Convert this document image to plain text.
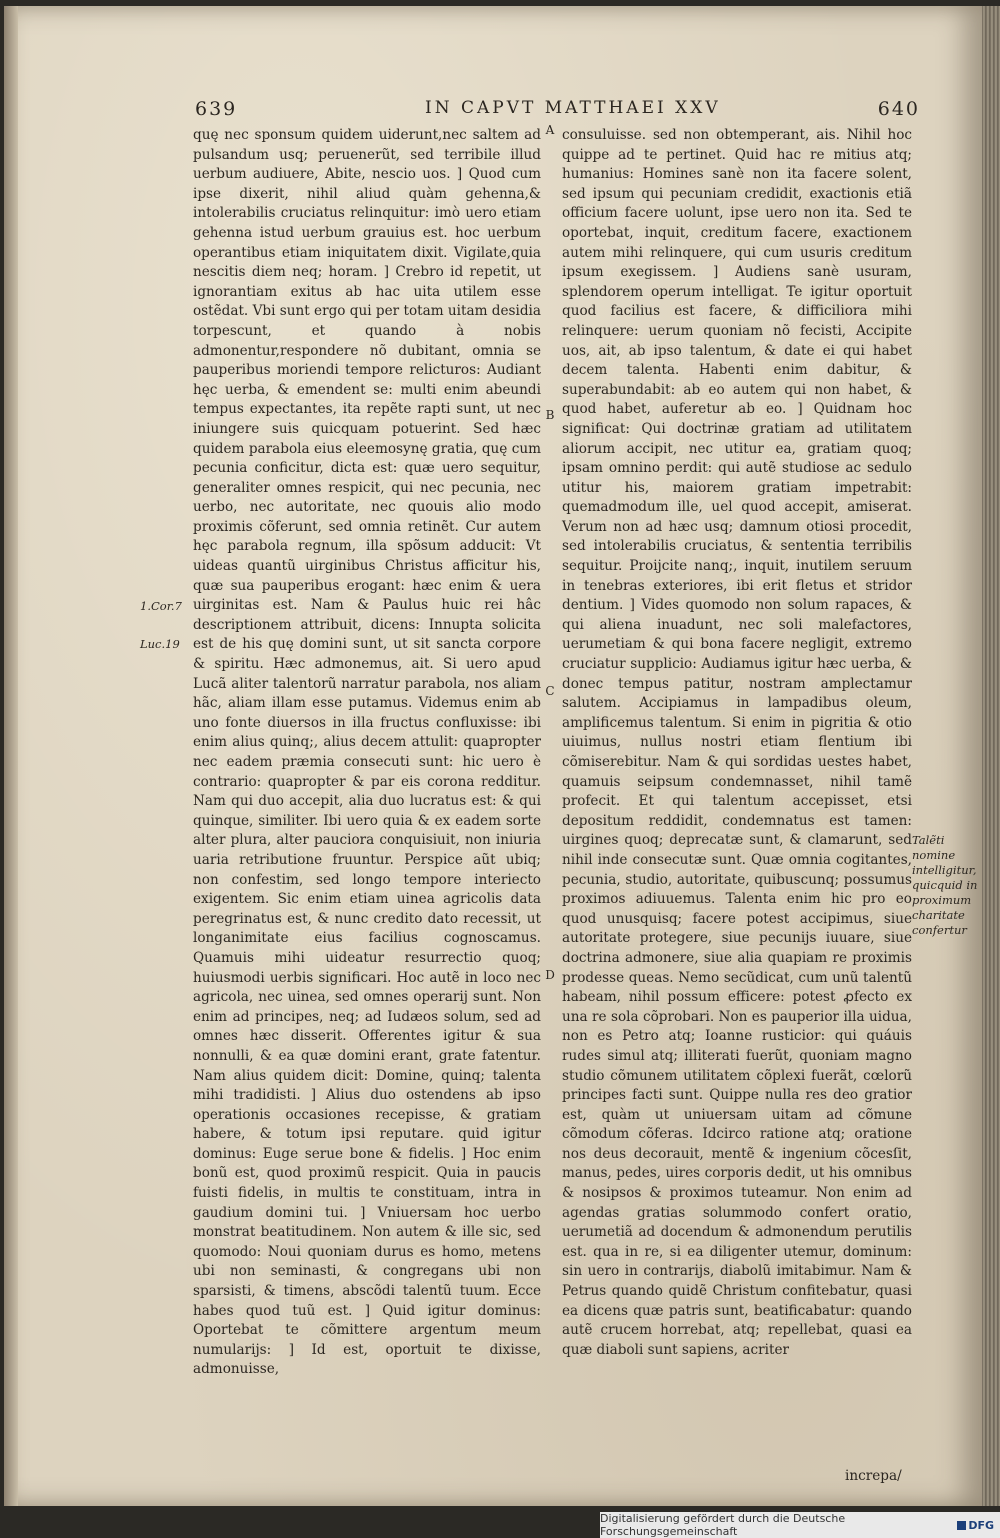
639	IN CAPVT MATTHAEI XXV	640

quę nec sponsum quidem uiderunt,nec saltem ad pulsandum usq; peruenerũt, sed terribile illud uerbum audiuere, Abite, nescio uos. ] Quod cum ipse dixerit, nihil aliud quàm gehenna,& intolerabilis cruciatus relinquitur: imò uero etiam gehenna istud uerbum grauius est. hoc uerbum operantibus etiam iniquitatem dixit. Vigilate,quia nescitis diem neq; horam. ] Crebro id repetit, ut ignorantiam exitus ab hac uita utilem esse ostẽdat. Vbi sunt ergo qui per totam uitam desidia torpescunt, et quando à nobis admonentur,respondere nõ dubitant, omnia se pauperibus moriendi tempore relicturos: Audiant hęc uerba, & emendent se: multi enim abeundi tempus expectantes, ita repẽte rapti sunt, ut nec iniungere suis quicquam potuerint. Sed hæc quidem parabola eius eleemosynę gratia, quę cum pecunia conficitur, dicta est: quæ uero sequitur, generaliter omnes respicit, qui nec pecunia, nec uerbo, nec autoritate, nec quouis alio modo proximis cõferunt, sed omnia retinẽt. Cur autem hęc parabola regnum, illa spõsum adducit: Vt uideas quantũ uirginibus Christus afficitur his, quæ sua pauperibus erogant: hæc enim & uera uirginitas est. Nam & Paulus huic rei hâc descriptionem attribuit, dicens: Innupta solicita est de his quę domini sunt, ut sit sancta corpore & spiritu. Hæc admonemus, ait. Si uero apud Lucã aliter talentorũ narratur parabola, nos aliam hãc, aliam illam esse putamus. Videmus enim ab uno fonte diuersos in illa fructus confluxisse: ibi enim alius quinq;, alius decem attulit: quapropter nec eadem præmia consecuti sunt: hic uero è contrario: quapropter & par eis corona redditur. Nam qui duo accepit, alia duo lucratus est: & qui quinque, similiter. Ibi uero quia & ex eadem sorte alter plura, alter pauciora conquisiuit, non iniuria uaria retributione fruuntur. Perspice aũt ubiq; non confestim, sed longo tempore interiecto exigentem. Sic enim etiam uinea agricolis data peregrinatus est, & nunc credito dato recessit, ut longanimitate eius facilius cognoscamus. Quamuis mihi uideatur resurrectio quoq; huiusmodi uerbis significari. Hoc autẽ in loco nec agricola, nec uinea, sed omnes operarij sunt. Non enim ad principes, neq; ad Iudæos solum, sed ad omnes hæc disserit. Offerentes igitur & sua nonnulli, & ea quæ domini erant, grate fatentur. Nam alius quidem dicit: Domine, quinq; talenta mihi tradidisti. ] Alius duo ostendens ab ipso operationis occasiones recepisse, & gratiam habere, & totum ipsi reputare. quid igitur dominus: Euge serue bone & fidelis. ] Hoc enim bonũ est, quod proximũ respicit. Quia in paucis fuisti fidelis, in multis te constituam, intra in gaudium domini tui. ] Vniuersam hoc uerbo monstrat beatitudinem. Non autem & ille sic, sed quomodo: Noui quoniam durus es homo, metens ubi non seminasti, & congregans ubi non sparsisti, & timens, abscõdi talentũ tuum. Ecce habes quod tuũ est. ] Quid igitur dominus: Oportebat te cõmittere argentum meum numularijs: ] Id est, oportuit te dixisse, admonuisse,

consuluisse. sed non obtemperant, ais. Nihil hoc quippe ad te pertinet. Quid hac re mitius atq; humanius: Homines sanè non ita facere solent, sed ipsum qui pecuniam credidit, exactionis etiã officium facere uolunt, ipse uero non ita. Sed te oportebat, inquit, creditum facere, exactionem autem mihi relinquere, qui cum usuris creditum ipsum exegissem. ] Audiens sanè usuram, splendorem operum intelligat. Te igitur oportuit quod facilius est facere, & difficiliora mihi relinquere: uerum quoniam nõ fecisti, Accipite uos, ait, ab ipso talentum, & date ei qui habet decem talenta. Habenti enim dabitur, & superabundabit: ab eo autem qui non habet, & quod habet, auferetur ab eo. ] Quidnam hoc significat: Qui doctrinæ gratiam ad utilitatem aliorum accipit, nec utitur ea, gratiam quoq; ipsam omnino perdit: qui autẽ studiose ac sedulo utitur his, maiorem gratiam impetrabit: quemadmodum ille, uel quod accepit, amiserat. Verum non ad hæc usq; damnum otiosi procedit, sed intolerabilis cruciatus, & sententia terribilis sequitur. Proijcite nanq;, inquit, inutilem seruum in tenebras exteriores, ibi erit fletus et stridor dentium. ] Vides quomodo non solum rapaces, & qui aliena inuadunt, nec soli malefactores, uerumetiam & qui bona facere negligit, extremo cruciatur supplicio: Audiamus igitur hæc uerba, & donec tempus patitur, nostram amplectamur salutem. Accipiamus in lampadibus oleum, amplificemus talentum. Si enim in pigritia & otio uiuimus, nullus nostri etiam flentium ibi cõmiserebitur. Nam & qui sordidas uestes habet, quamuis seipsum condemnasset, nihil tamẽ profecit. Et qui talentum accepisset, etsi depositum reddidit, condemnatus est tamen: uirgines quoq; deprecatæ sunt, & clamarunt, sed nihil inde consecutæ sunt. Quæ omnia cogitantes, pecunia, studio, autoritate, quibuscunq; possumus proximos adiuuemus. Talenta enim hic pro eo quod unusquisq; facere potest accipimus, siue autoritate protegere, siue pecunijs iuuare, siue doctrina admonere, siue alia quapiam re proximis prodesse queas. Nemo secũdicat, cum unũ talentũ habeam, nihil possum efficere: potest ꝓfecto ex una re sola cõprobari. Non es pauperior illa uidua, non es Petro atq; Ioanne rusticior: qui quáuis rudes simul atq; illiterati fuerũt, quoniam magno studio cõmunem utilitatem cõplexi fuerãt, cœlorũ principes facti sunt. Quippe nulla res deo gratior est, quàm ut uniuersam uitam ad cõmune cõmodum cõferas. Idcirco ratione atq; oratione nos deus decorauit, mentẽ & ingenium cõcesſit, manus, pedes, uires corporis dedit, ut his omnibus & nosipsos & proximos tuteamur. Non enim ad agendas gratias solummodo confert oratio, uerumetiã ad docendum & admonendum perutilis est. qua in re, si ea diligenter utemur, dominum: sin uero in contrarijs, diabolũ imitabimur. Nam & Petrus quando quidẽ Christum confitebatur, quasi ea dicens quæ patris sunt, beatificabatur: quando autẽ crucem horrebat, atq; repellebat, quasi ea quæ diaboli sunt sapiens, acriter

A
B
C
D
1.Cor.7
Luc.19
Talẽti nomine intelligitur, quicquid in proximum charitate confertur
increpa/
Digitalisierung gefördert durch die Deutsche Forschungsgemeinschaft	DFG
